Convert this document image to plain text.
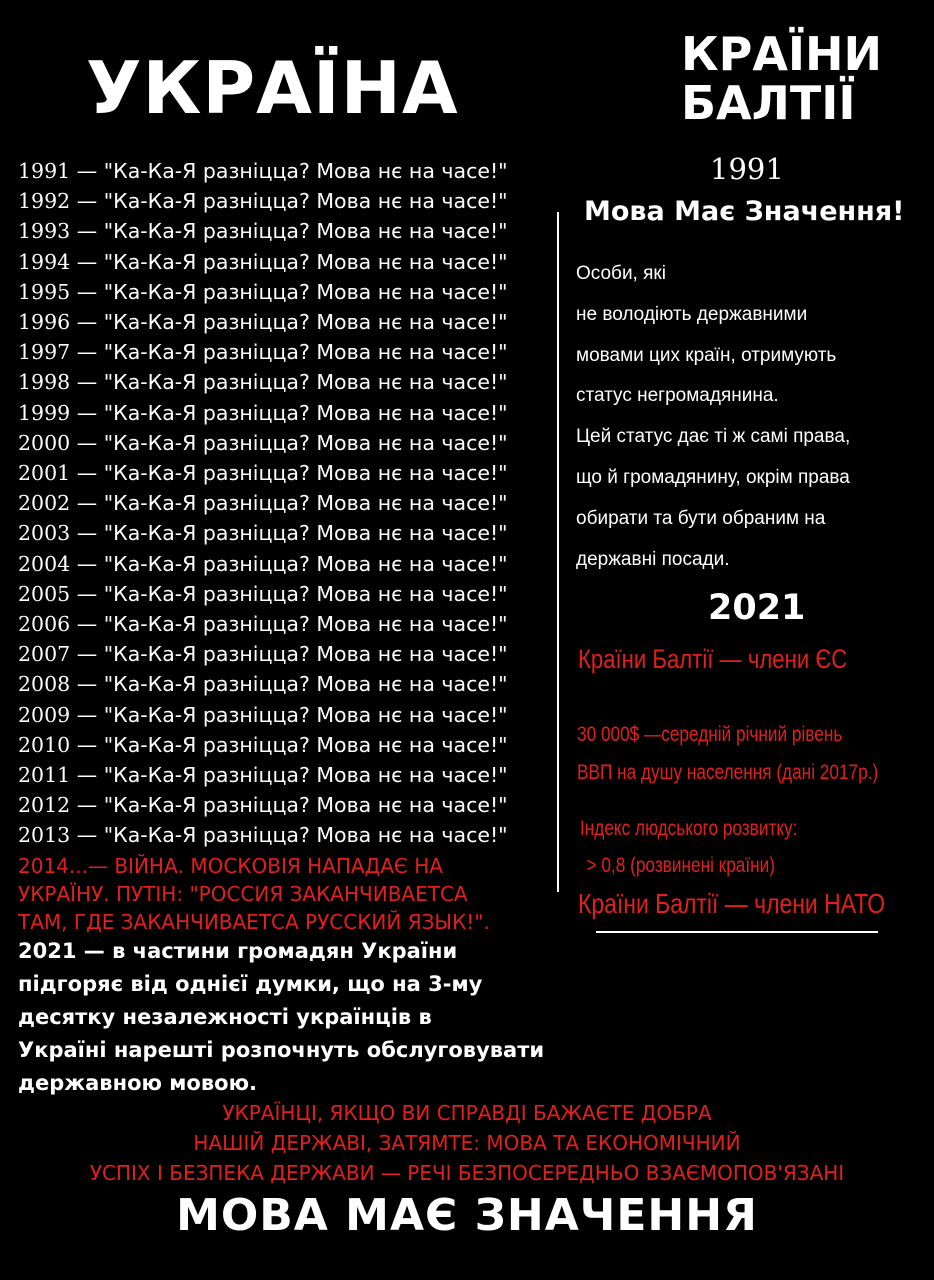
УКРАЇНА	КРАЇНИ
БАЛТІЇ
1991 — "Ка-Ка-Я разніцца? Мова нє на часе!"
1992 — "Ка-Ка-Я разніцца? Мова нє на часе!"
1993 — "Ка-Ка-Я разніцца? Мова нє на часе!"
1994 — "Ка-Ка-Я разніцца? Мова нє на часе!"
1995 — "Ка-Ка-Я разніцца? Мова нє на часе!"
1996 — "Ка-Ка-Я разніцца? Мова нє на часе!"
1997 — "Ка-Ка-Я разніцца? Мова нє на часе!"
1998 — "Ка-Ка-Я разніцца? Мова нє на часе!"
1999 — "Ка-Ка-Я разніцца? Мова нє на часе!"
2000 — "Ка-Ка-Я разніцца? Мова нє на часе!"
2001 — "Ка-Ка-Я разніцца? Мова нє на часе!"
2002 — "Ка-Ка-Я разніцца? Мова нє на часе!"
2003 — "Ка-Ка-Я разніцца? Мова нє на часе!"
2004 — "Ка-Ка-Я разніцца? Мова нє на часе!"
2005 — "Ка-Ка-Я разніцца? Мова нє на часе!"
2006 — "Ка-Ка-Я разніцца? Мова нє на часе!"
2007 — "Ка-Ка-Я разніцца? Мова нє на часе!"
2008 — "Ка-Ка-Я разніцца? Мова нє на часе!"
2009 — "Ка-Ка-Я разніцца? Мова нє на часе!"
2010 — "Ка-Ка-Я разніцца? Мова нє на часе!"
2011 — "Ка-Ка-Я разніцца? Мова нє на часе!"
2012 — "Ка-Ка-Я разніцца? Мова нє на часе!"
2013 — "Ка-Ка-Я разніцца? Мова нє на часе!"
2014...— ВІЙНА. МОСКОВІЯ НАПАДАЄ НА
УКРАЇНУ. ПУТІН: "РОССИЯ ЗАКАНЧИВАЕТСА
ТАМ, ГДЕ ЗАКАНЧИВАЕТСА РУССКИЙ ЯЗЫК!".
2021 — в частини громадян України
підгоряє від однієї думки, що на 3-му
десятку незалежності українців в
Україні нарешті розпочнуть обслуговувати
державною мовою.
1991
Мова Має Значення!
Особи, які
не володіють державними
мовами цих країн, отримують
статус негромадянина.
Цей статус дає ті ж самі права,
що й громадянину, окрім права
обирати та бути обраним на
державні посади.
2021
Країни Балтії — члени ЄС
30 000$ —середній річний рівень
ВВП на душу населення (дані 2017р.)
Індекс людського розвитку:
> 0,8 (розвинені країни)
Країни Балтії — члени НАТО
УКРАЇНЦІ, ЯКЩО ВИ СПРАВДІ БАЖАЄТЕ ДОБРА
НАШІЙ ДЕРЖАВІ, ЗАТЯМТЕ: МОВА ТА ЕКОНОМІЧНИЙ
УСПІХ І БЕЗПЕКА ДЕРЖАВИ — РЕЧІ БЕЗПОСЕРЕДНЬО ВЗАЄМОПОВ'ЯЗАНІ
МОВА МАЄ ЗНАЧЕННЯ
